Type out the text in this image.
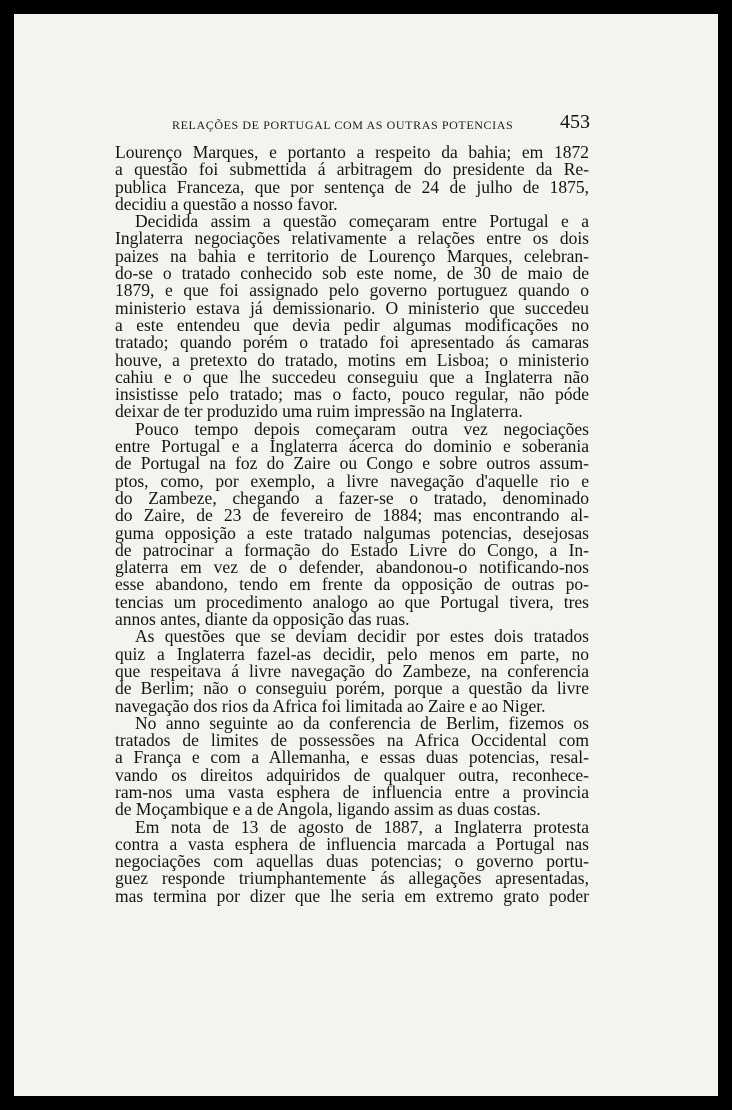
RELAÇÕES DE PORTUGAL COM AS OUTRAS POTENCIAS 453
Lourenço Marques, e portanto a respeito da bahia; em 1872
a questão foi submettida á arbitragem do presidente da Re-
publica Franceza, que por sentença de 24 de julho de 1875,
decidiu a questão a nosso favor.
Decidida assim a questão começaram entre Portugal e a
Inglaterra negociações relativamente a relações entre os dois
paizes na bahia e territorio de Lourenço Marques, celebran-
do-se o tratado conhecido sob este nome, de 30 de maio de
1879, e que foi assignado pelo governo portuguez quando o
ministerio estava já demissionario. O ministerio que succedeu
a este entendeu que devia pedir algumas modificações no
tratado; quando porém o tratado foi apresentado ás camaras
houve, a pretexto do tratado, motins em Lisboa; o ministerio
cahiu e o que lhe succedeu conseguiu que a Inglaterra não
insistisse pelo tratado; mas o facto, pouco regular, não póde
deixar de ter produzido uma ruim impressão na Inglaterra.
Pouco tempo depois começaram outra vez negociações
entre Portugal e a Inglaterra ácerca do dominio e soberania
de Portugal na foz do Zaire ou Congo e sobre outros assum-
ptos, como, por exemplo, a livre navegação d'aquelle rio e
do Zambeze, chegando a fazer-se o tratado, denominado
do Zaire, de 23 de fevereiro de 1884; mas encontrando al-
guma opposição a este tratado nalgumas potencias, desejosas
de patrocinar a formação do Estado Livre do Congo, a In-
glaterra em vez de o defender, abandonou-o notificando-nos
esse abandono, tendo em frente da opposição de outras po-
tencias um procedimento analogo ao que Portugal tivera, tres
annos antes, diante da opposição das ruas.
As questões que se deviam decidir por estes dois tratados
quiz a Inglaterra fazel-as decidir, pelo menos em parte, no
que respeitava á livre navegação do Zambeze, na conferencia
de Berlim; não o conseguiu porém, porque a questão da livre
navegação dos rios da Africa foi limitada ao Zaire e ao Niger.
No anno seguinte ao da conferencia de Berlim, fizemos os
tratados de limites de possessões na Africa Occidental com
a França e com a Allemanha, e essas duas potencias, resal-
vando os direitos adquiridos de qualquer outra, reconhece-
ram-nos uma vasta esphera de influencia entre a provincia
de Moçambique e a de Angola, ligando assim as duas costas.
Em nota de 13 de agosto de 1887, a Inglaterra protesta
contra a vasta esphera de influencia marcada a Portugal nas
negociações com aquellas duas potencias; o governo portu-
guez responde triumphantemente ás allegações apresentadas,
mas termina por dizer que lhe seria em extremo grato poder
